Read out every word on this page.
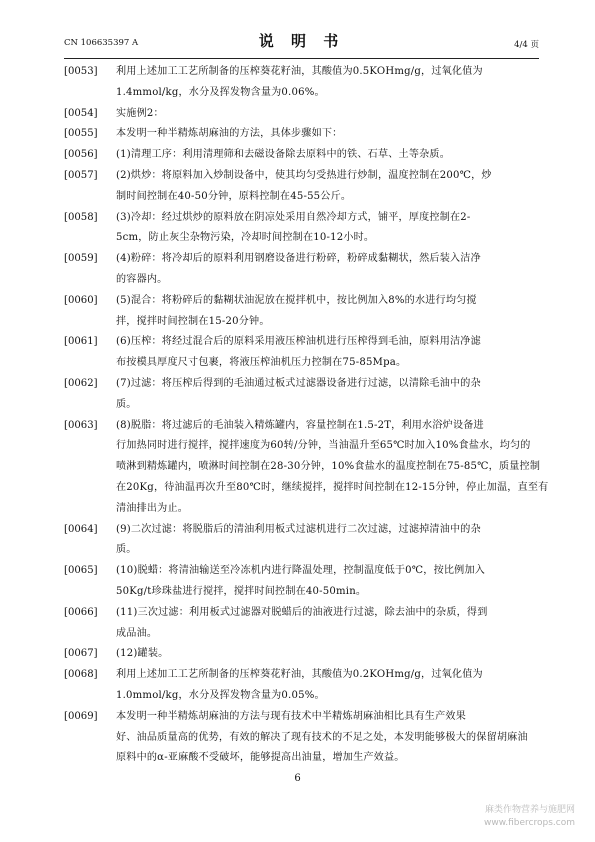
CN 106635397 A	说 明 书	4/4 页
[0053]	利用上述加工工艺所制备的压榨葵花籽油，其酸值为0.5KOHmg/g，过氧化值为
1.4mmol/kg，水分及挥发物含量为0.06%。
[0054]	实施例2：
[0055]	本发明一种半精炼胡麻油的方法，具体步骤如下：
[0056]	(1)清理工序：利用清理筛和去磁设备除去原料中的铁、石草、土等杂质。
[0057]	(2)烘炒：将原料加入炒制设备中，使其均匀受热进行炒制，温度控制在200℃，炒
制时间控制在40-50分钟，原料控制在45-55公斤。
[0058]	(3)冷却：经过烘炒的原料放在阴凉处采用自然冷却方式，铺平，厚度控制在2-
5cm，防止灰尘杂物污染，冷却时间控制在10-12小时。
[0059]	(4)粉碎：将冷却后的原料利用钢磨设备进行粉碎，粉碎成黏糊状，然后装入洁净
的容器内。
[0060]	(5)混合：将粉碎后的黏糊状油泥放在搅拌机中，按比例加入8%的水进行均匀搅
拌，搅拌时间控制在15-20分钟。
[0061]	(6)压榨：将经过混合后的原料采用液压榨油机进行压榨得到毛油，原料用洁净滤
布按模具厚度尺寸包裹，将液压榨油机压力控制在75-85Mpa。
[0062]	(7)过滤：将压榨后得到的毛油通过板式过滤器设备进行过滤，以清除毛油中的杂
质。
[0063]	(8)脱脂：将过滤后的毛油装入精炼罐内，容量控制在1.5-2T，利用水浴炉设备进
行加热同时进行搅拌，搅拌速度为60转/分钟，当油温升至65℃时加入10%食盐水，均匀的
喷淋到精炼罐内，喷淋时间控制在28-30分钟，10%食盐水的温度控制在75-85℃，质量控制
在20Kg，待油温再次升至80℃时，继续搅拌，搅拌时间控制在12-15分钟，停止加温，直至有
清油排出为止。
[0064]	(9)二次过滤：将脱脂后的清油利用板式过滤机进行二次过滤，过滤掉清油中的杂
质。
[0065]	(10)脱蜡：将清油输送至冷冻机内进行降温处理，控制温度低于0℃，按比例加入
50Kg/t珍珠盐进行搅拌，搅拌时间控制在40-50min。
[0066]	(11)三次过滤：利用板式过滤器对脱蜡后的油液进行过滤，除去油中的杂质，得到
成品油。
[0067]	(12)罐装。
[0068]	利用上述加工工艺所制备的压榨葵花籽油，其酸值为0.2KOHmg/g，过氧化值为
1.0mmol/kg，水分及挥发物含量为0.05%。
[0069]	本发明一种半精炼胡麻油的方法与现有技术中半精炼胡麻油相比具有生产效果
好、油品质量高的优势，有效的解决了现有技术的不足之处，本发明能够极大的保留胡麻油
原料中的α-亚麻酸不受破坏，能够提高出油量，增加生产效益。
6
麻类作物营养与施肥网
www.fibercrops.com
